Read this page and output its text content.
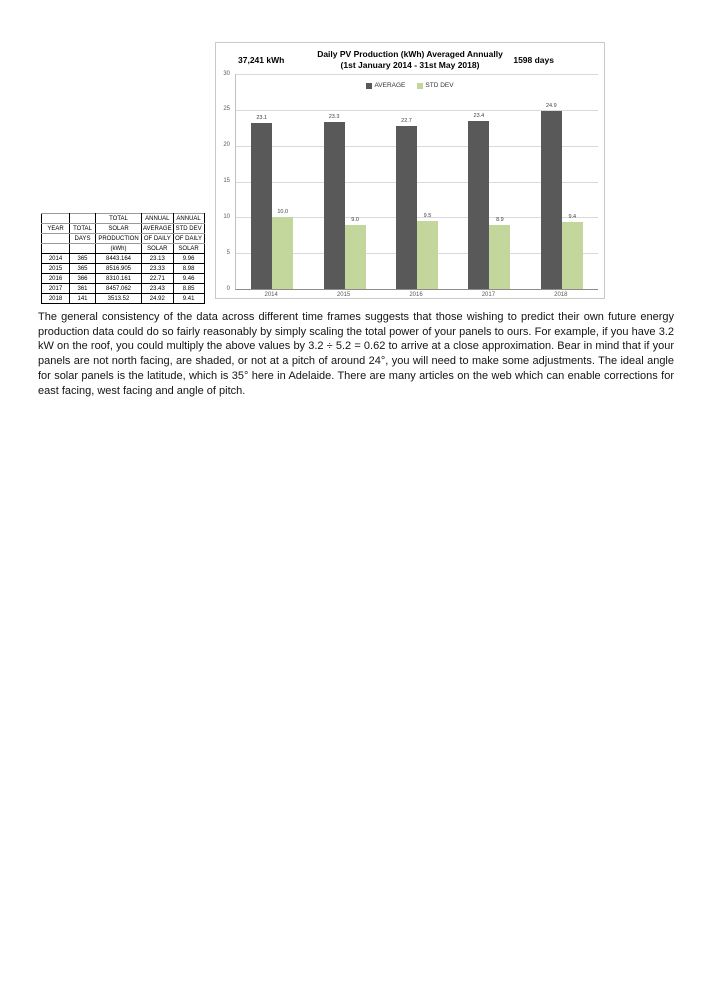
37,241 kWh
Daily PV Production (kWh) Averaged Annually
(1st January 2014 - 31st May 2018)
1598 days
AVERAGE	STD DEV
0
5
10
15
20
25
30
23.1
10.0
23.3
9.0
22.7
9.5
23.4
8.9
24.9
9.4
2014	2015	2016	2017	2018
		TOTAL	ANNUAL	ANNUAL
YEAR	TOTAL	SOLAR	AVERAGE	STD DEV
	DAYS	PRODUCTION	OF DAILY	OF DAILY
		(kWh)	SOLAR	SOLAR
2014	365	8443.164	23.13	9.96
2015	365	8516.905	23.33	8.98
2016	366	8310.161	22.71	9.46
2017	361	8457.062	23.43	8.85
2018	141	3513.52	24.92	9.41

The general consistency of the data across different time frames suggests that those wishing to predict their own future energy production data could do so fairly reasonably by simply scaling the total power of your panels to ours. For example, if you have 3.2 kW on the roof, you could multiply the above values by 3.2 ÷ 5.2 = 0.62 to arrive at a close approximation. Bear in mind that if your panels are not north facing, are shaded, or not at a pitch of around 24°, you will need to make some adjustments. The ideal angle for solar panels is the latitude, which is 35° here in Adelaide. There are many articles on the web which can enable corrections for east facing, west facing and angle of pitch.
